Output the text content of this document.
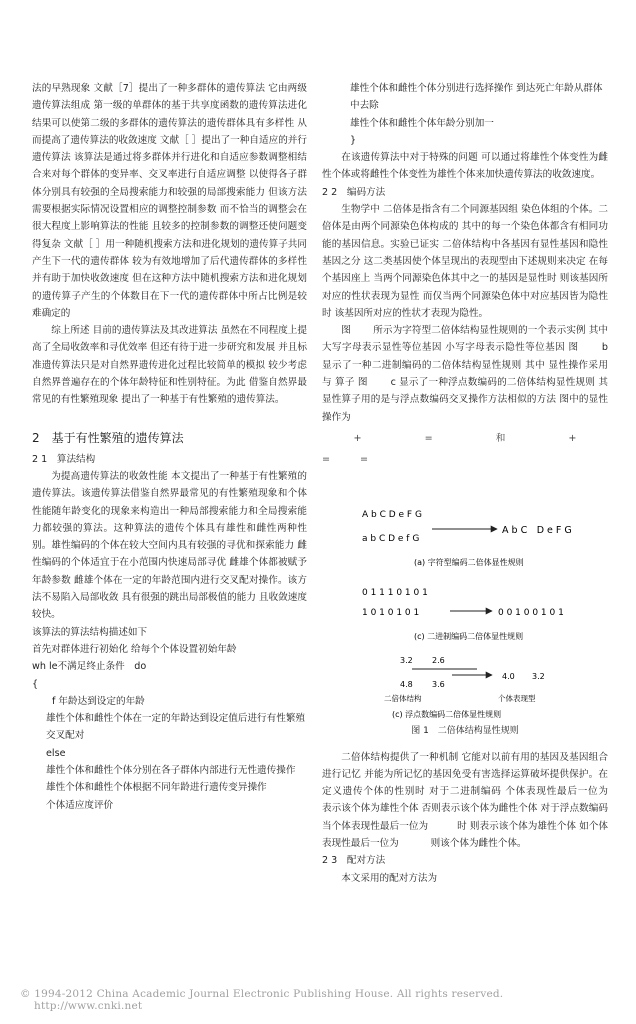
法的早熟现象 文献［7］提出了一种多群体的遗传算法 它由两级遗传算法组成 第一级的单群体的基于共享度函数的遗传算法进化结果可以使第二级的多群体的遗传算法的遗传群体具有多样性 从而提高了遗传算法的收敛速度 文献［ ］提出了一种自适应的并行遗传算法 该算法是通过将多群体并行进化和自适应参数调整相结合来对每个群体的变异率、交叉率进行自适应调整 以使得各子群体分别具有较强的全局搜索能力和较强的局部搜索能力 但该方法需要根据实际情况设置相应的调整控制参数 而不恰当的调整会在很大程度上影响算法的性能 且较多的控制参数的调整还使问题变得复杂 文献［ ］用一种随机搜索方法和进化规划的遗传算子共同产生下一代的遗传群体 较为有效地增加了后代遗传群体的多样性 并有助于加快收敛速度 但在这种方法中随机搜索方法和进化规划的遗传算子产生的个体数目在下一代的遗传群体中所占比例是较难确定的

综上所述 目前的遗传算法及其改进算法 虽然在不同程度上提高了全局收敛率和寻优效率 但还有待于进一步研究和发展 并且标准遗传算法只是对自然界遗传进化过程比较简单的模拟 较少考虑自然界普遍存在的个体年龄特征和性别特征。为此 借鉴自然界最常见的有性繁殖现象 提出了一种基于有性繁殖的遗传算法。

2　基于有性繁殖的遗传算法
2 1　算法结构

为提高遗传算法的收敛性能 本文提出了一种基于有性繁殖的遗传算法。该遗传算法借鉴自然界最常见的有性繁殖现象和个体性能随年龄变化的现象来构造出一种局部搜索能力和全局搜索能力都较强的算法。这种算法的遗传个体具有雄性和雌性两种性别。雄性编码的个体在较大空间内具有较强的寻优和探索能力 雌性编码的个体适宜于在小范围内快速局部寻优 雌雄个体都被赋予年龄参数 雌雄个体在一定的年龄范围内进行交叉配对操作。该方法不易陷入局部收敛 具有很强的跳出局部极值的能力 且收敛速度较快。

该算法的算法结构描述如下

首先对群体进行初始化 给每个个体设置初始年龄

wh le不满足终止条件　do

{

f 年龄达到设定的年龄

雄性个体和雌性个体在一定的年龄达到设定值后进行有性繁殖交叉配对

else

雄性个体和雌性个体分别在各子群体内部进行无性遗传操作

雄性个体和雌性个体根据不同年龄进行遗传变异操作

个体适应度评价

雄性个体和雌性个体分别进行选择操作 到达死亡年龄从群体中去除

雄性个体和雌性个体年龄分别加一

}

在该遗传算法中对于特殊的问题 可以通过将雄性个体变性为雌性个体或将雌性个体变性为雄性个体来加快遗传算法的收敛速度。

2 2　编码方法

生物学中 二倍体是指含有二个同源基因组 染色体组的个体。二倍体是由两个同源染色体构成的 其中的每一个染色体都含有相同功能的基因信息。实验已证实 二倍体结构中各基因有显性基因和隐性基因之分 这二类基因使个体呈现出的表现型由下述规则来决定 在每个基因座上 当两个同源染色体其中之一的基因是显性时 则该基因所对应的性状表现为显性 而仅当两个同源染色体中对应基因皆为隐性时 该基因所对应的性状才表现为隐性。

图　　 所示为字符型二倍体结构显性规则的一个表示实例 其中大写字母表示显性等位基因 小写字母表示隐性等位基因 图　　 b 显示了一种二进制编码的二倍体结构显性规则 其中 显性操作采用　与 算子 图　　 c 显示了一种浮点数编码的二倍体结构显性规则 其显性算子用的是与浮点数编码交叉操作方法相似的方法 图中的显性操作为

+	=	和	+
=	=
A b C D e F G
a b C D e f G
A b C　D e F G
(a) 字符型编码二倍体显性规则
0 1 1 1 0 1 0 1
1 0 1 0 1 0 1	0 0 1 0 0 1 0 1
(c) 二进制编码二倍体显性规则
3.2 2.6
4.8 3.6
4.0 3.2
二倍体结构	个体表现型
(c) 浮点数编码二倍体显性规则
图 1　二倍体结构显性规则

二倍体结构提供了一种机制 它能对以前有用的基因及基因组合进行记忆 并能为所记忆的基因免受有害选择运算破坏提供保护。在定义遗传个体的性别时 对于二进制编码 个体表现性最后一位为　　 表示该个体为雄性个体 否则表示该个体为雌性个体 对于浮点数编码 当个体表现性最后一位为　　　时 则表示该个体为雄性个体 如个体表现性最后一位为　　　 则该个体为雌性个体。

2 3　配对方法

本文采用的配对方法为

© 1994-2012 China Academic Journal Electronic Publishing House. All rights reserved. http://www.cnki.net
